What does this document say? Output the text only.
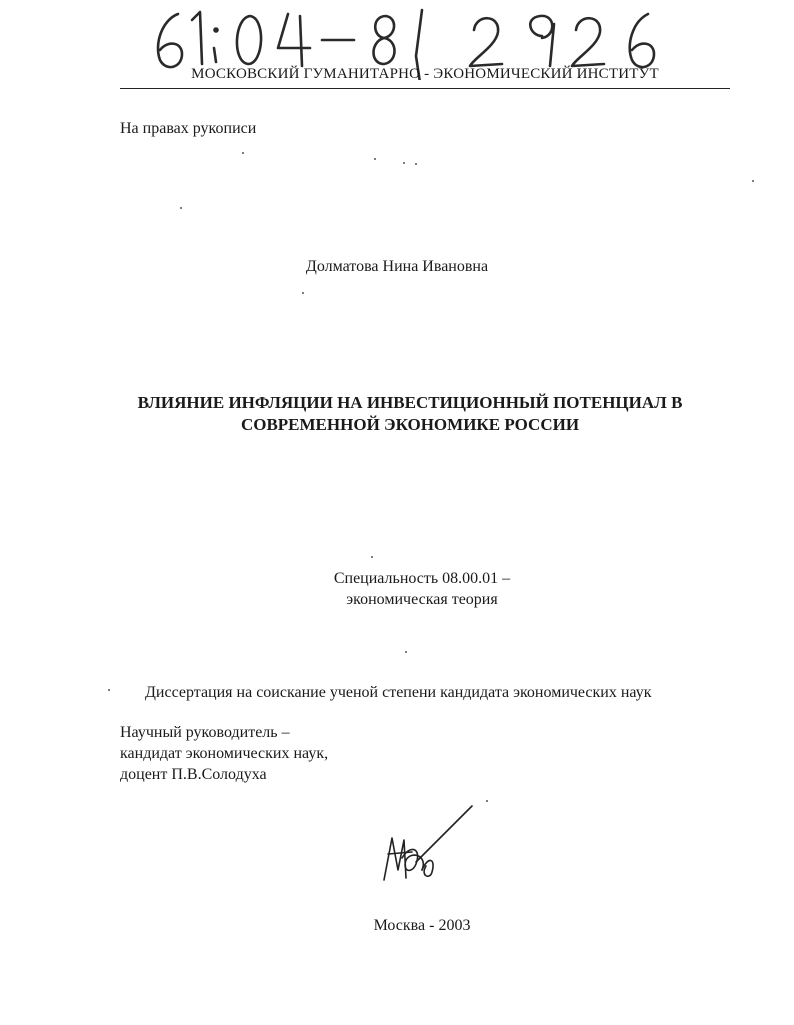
МОСКОВСКИЙ ГУМАНИТАРНО - ЭКОНОМИЧЕСКИЙ ИНСТИТУТ
На правах рукописи
Долматова Нина Ивановна
ВЛИЯНИЕ ИНФЛЯЦИИ НА ИНВЕСТИЦИОННЫЙ ПОТЕНЦИАЛ В
СОВРЕМЕННОЙ ЭКОНОМИКЕ РОССИИ
Специальность 08.00.01 –
экономическая теория
Диссертация на соискание ученой степени кандидата экономических наук
Научный руководитель –
кандидат экономических наук,
доцент П.В.Солодуха
Москва - 2003
